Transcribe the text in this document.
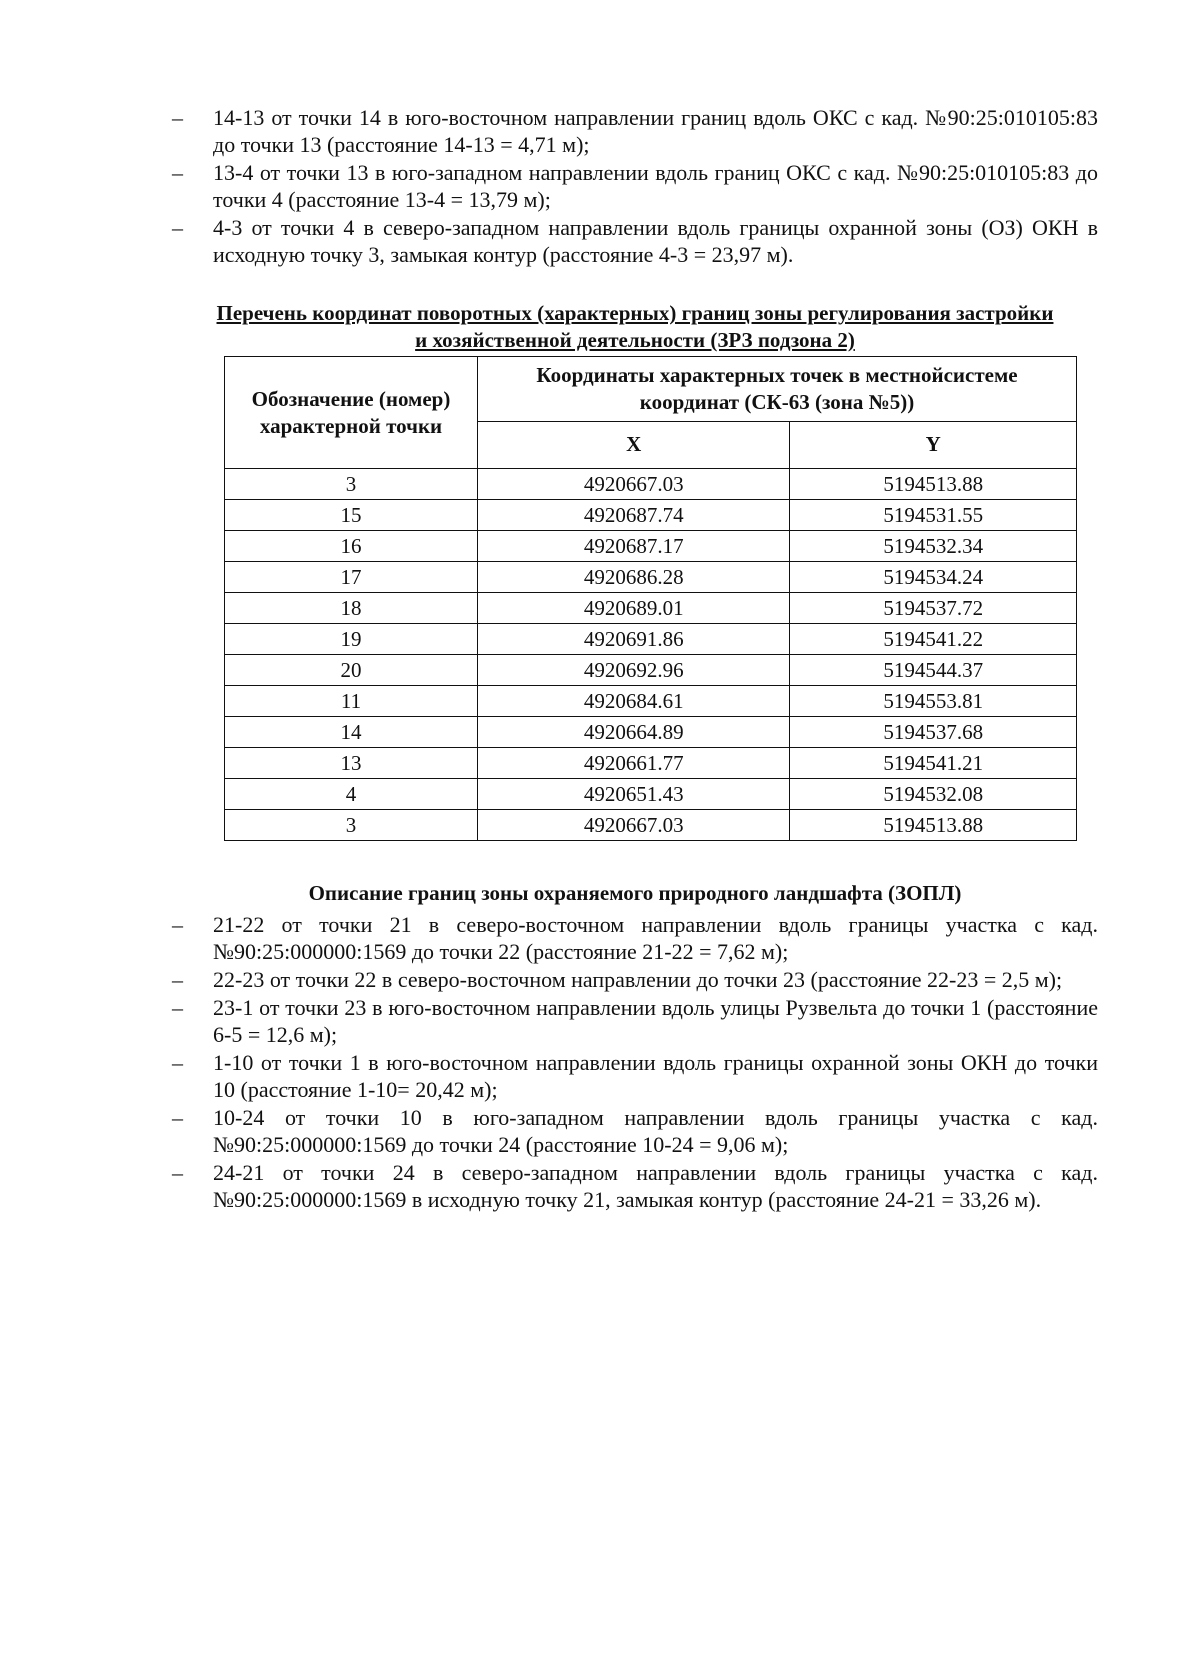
– 14-13 от точки 14 в юго-восточном направлении границ вдоль ОКС с кад. №90:25:010105:83 до точки 13 (расстояние 14-13 = 4,71 м);
– 13-4 от точки 13 в юго-западном направлении вдоль границ ОКС с кад. №90:25:010105:83 до точки 4 (расстояние 13-4 = 13,79 м);
– 4-3 от точки 4 в северо-западном направлении вдоль границы охранной зоны (ОЗ) ОКН в исходную точку 3, замыкая контур (расстояние 4-3 = 23,97 м).
Перечень координат поворотных (характерных) границ зоны регулирования застройки
и хозяйственной деятельности (ЗРЗ подзона 2)
Обозначение (номер) характерной точки	Координаты характерных точек в местнойсистеме координат (СК-63 (зона №5))	
	X	Y
3	4920667.03	5194513.88
15	4920687.74	5194531.55
16	4920687.17	5194532.34
17	4920686.28	5194534.24
18	4920689.01	5194537.72
19	4920691.86	5194541.22
20	4920692.96	5194544.37
11	4920684.61	5194553.81
14	4920664.89	5194537.68
13	4920661.77	5194541.21
4	4920651.43	5194532.08
3	4920667.03	5194513.88
Описание границ зоны охраняемого природного ландшафта (ЗОПЛ)
– 21-22 от точки 21 в северо-восточном направлении вдоль границы участка с кад. №90:25:000000:1569 до точки 22 (расстояние 21-22 = 7,62 м);
– 22-23 от точки 22 в северо-восточном направлении до точки 23 (расстояние 22-23 = 2,5 м);
– 23-1 от точки 23 в юго-восточном направлении вдоль улицы Рузвельта до точки 1 (расстояние 6-5 = 12,6 м);
– 1-10 от точки 1 в юго-восточном направлении вдоль границы охранной зоны ОКН до точки 10 (расстояние 1-10= 20,42 м);
– 10-24 от точки 10 в юго-западном направлении вдоль границы участка с кад. №90:25:000000:1569 до точки 24 (расстояние 10-24 = 9,06 м);
– 24-21 от точки 24 в северо-западном направлении вдоль границы участка с кад. №90:25:000000:1569 в исходную точку 21, замыкая контур (расстояние 24-21 = 33,26 м).
